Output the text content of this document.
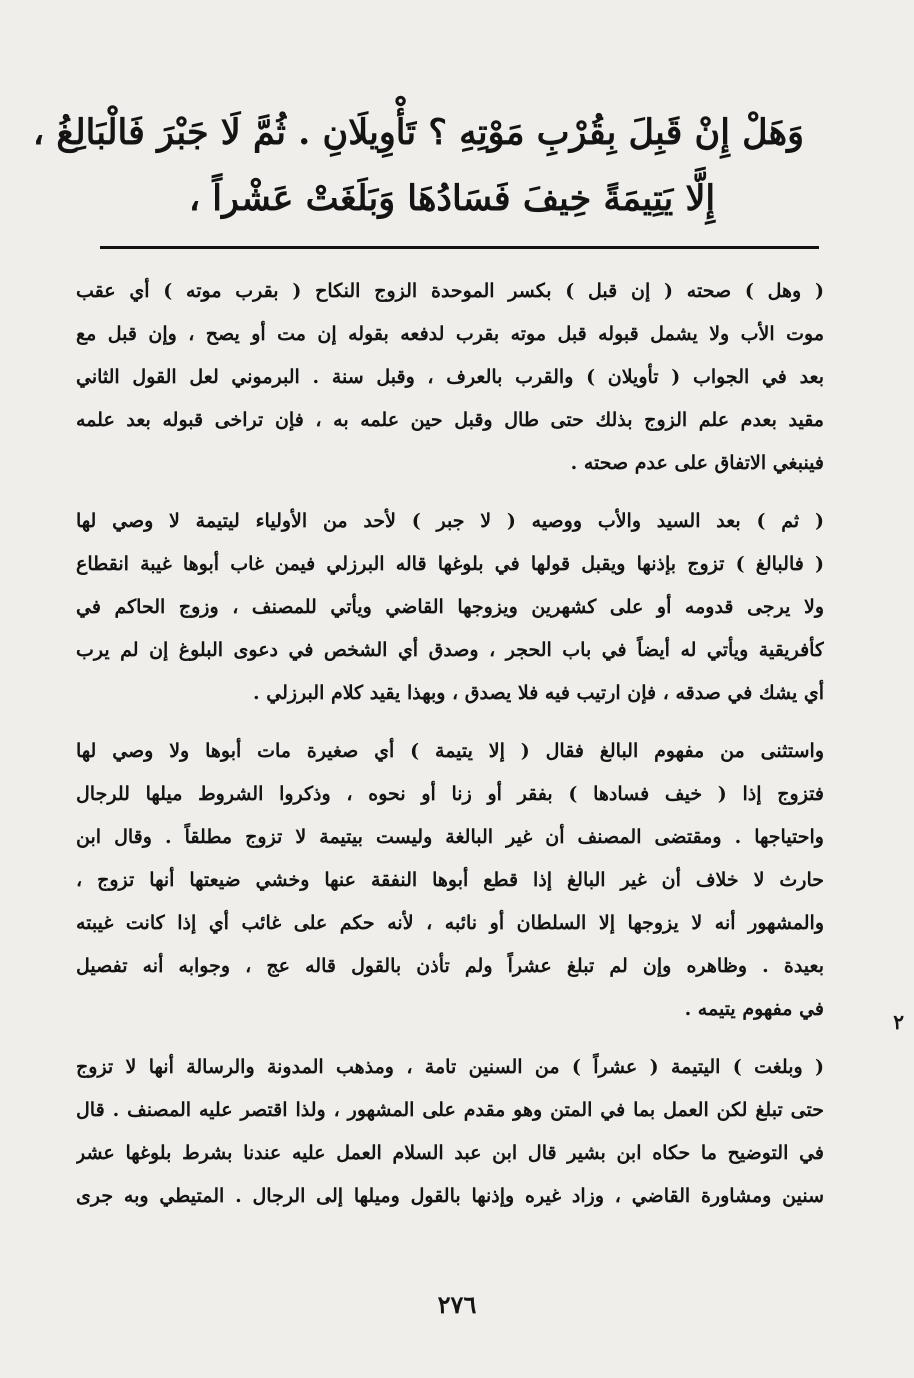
وَهَلْ إِنْ قَبِلَ بِقُرْبِ مَوْتِهِ ؟ تَأْوِيلَانِ . ثُمَّ لَا جَبْرَ فَالْبَالِغُ ،
إِلَّا يَتِيمَةً خِيفَ فَسَادُهَا وَبَلَغَتْ عَشْراً ،
( وهل ) صحته ( إن قبل ) بكسر الموحدة الزوج النكاح ( بقرب موته ) أي عقب
موت الأب ولا يشمل قبوله قبل موته بقرب لدفعه بقوله إن مت أو يصح ، وإن قبل مع
بعد في الجواب ( تأويلان ) والقرب بالعرف ، وقبل سنة . البرموني لعل القول الثاني
مقيد بعدم علم الزوج بذلك حتى طال وقبل حين علمه به ، فإن تراخى قبوله بعد علمه
فينبغي الاتفاق على عدم صحته .
( ثم ) بعد السيد والأب ووصيه ( لا جبر ) لأحد من الأولياء ليتيمة لا وصي لها
( فالبالغ ) تزوج بإذنها ويقبل قولها في بلوغها قاله البرزلي فيمن غاب أبوها غيبة انقطاع
ولا يرجى قدومه أو على كشهرين ويزوجها القاضي ويأتي للمصنف ، وزوج الحاكم في
كأفريقية ويأتي له أيضاً في باب الحجر ، وصدق أي الشخص في دعوى البلوغ إن لم يرب
أي يشك في صدقه ، فإن ارتيب فيه فلا يصدق ، وبهذا يقيد كلام البرزلي .
واستثنى من مفهوم البالغ فقال ( إلا يتيمة ) أي صغيرة مات أبوها ولا وصي لها
فتزوج إذا ( خيف فسادها ) بفقر أو زنا أو نحوه ، وذكروا الشروط ميلها للرجال
واحتياجها . ومقتضى المصنف أن غير البالغة وليست بيتيمة لا تزوج مطلقاً . وقال ابن
حارث لا خلاف أن غير البالغ إذا قطع أبوها النفقة عنها وخشي ضيعتها أنها تزوج ،
والمشهور أنه لا يزوجها إلا السلطان أو نائبه ، لأنه حكم على غائب أي إذا كانت غيبته
بعيدة . وظاهره وإن لم تبلغ عشراً ولم تأذن بالقول قاله عج ، وجوابه أنه تفصيل
في مفهوم يتيمه .
( وبلغت ) اليتيمة ( عشراً ) من السنين تامة ، ومذهب المدونة والرسالة أنها لا تزوج
حتى تبلغ لكن العمل بما في المتن وهو مقدم على المشهور ، ولذا اقتصر عليه المصنف . قال
في التوضيح ما حكاه ابن بشير قال ابن عبد السلام العمل عليه عندنا بشرط بلوغها عشر
سنين ومشاورة القاضي ، وزاد غيره وإذنها بالقول وميلها إلى الرجال . المتيطي وبه جرى
٢
٢٧٦
